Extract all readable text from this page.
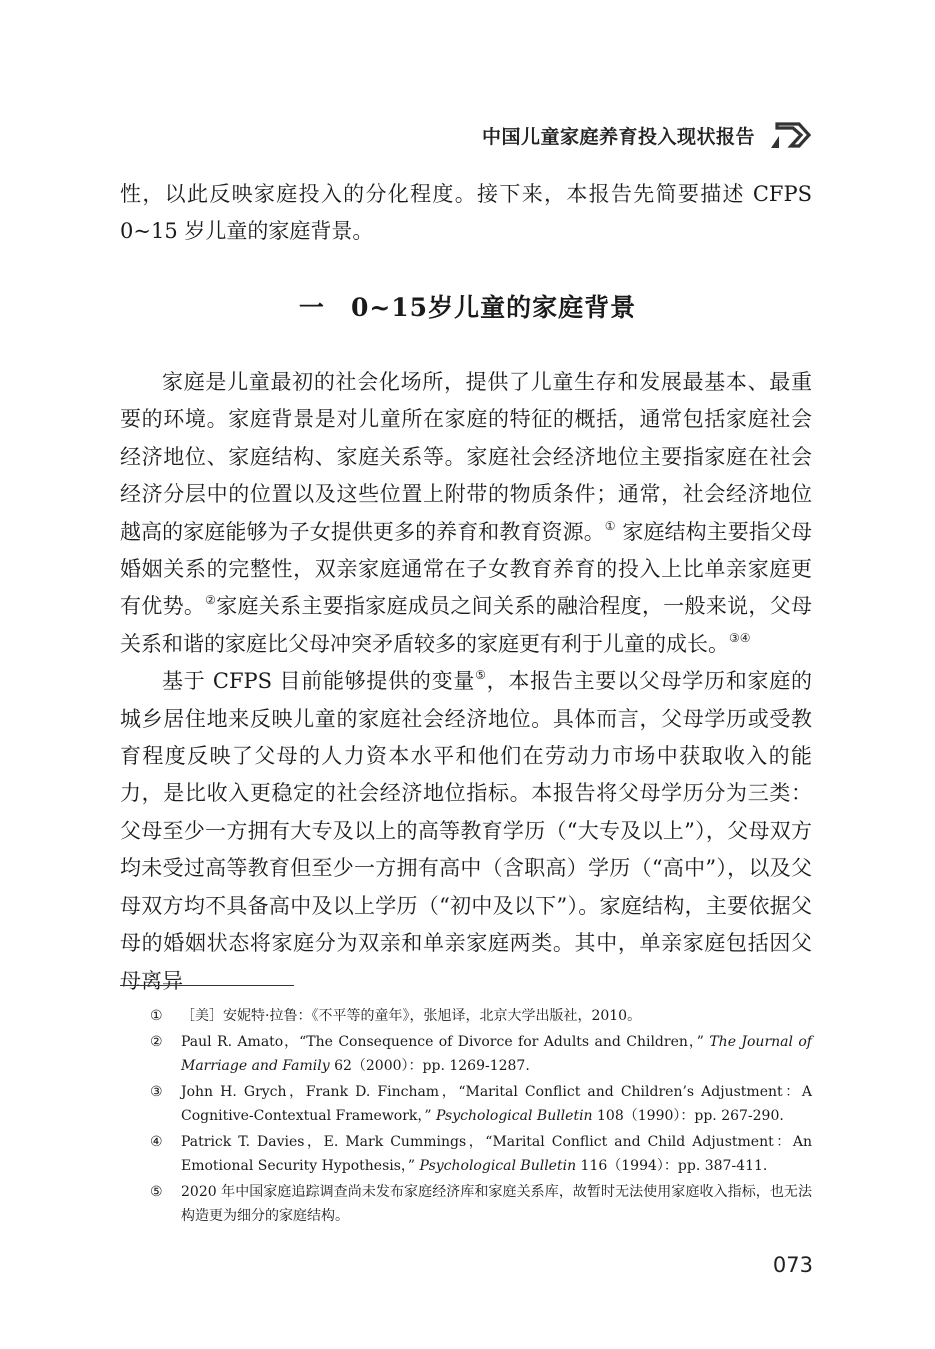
中国儿童家庭养育投入现状报告

性，以此反映家庭投入的分化程度。接下来，本报告先简要描述 CFPS 0~15 岁儿童的家庭背景。

一 0~15岁儿童的家庭背景

家庭是儿童最初的社会化场所，提供了儿童生存和发展最基本、最重要的环境。家庭背景是对儿童所在家庭的特征的概括，通常包括家庭社会经济地位、家庭结构、家庭关系等。家庭社会经济地位主要指家庭在社会经济分层中的位置以及这些位置上附带的物质条件；通常，社会经济地位越高的家庭能够为子女提供更多的养育和教育资源。① 家庭结构主要指父母婚姻关系的完整性，双亲家庭通常在子女教育养育的投入上比单亲家庭更有优势。②家庭关系主要指家庭成员之间关系的融洽程度，一般来说，父母关系和谐的家庭比父母冲突矛盾较多的家庭更有利于儿童的成长。③④

基于 CFPS 目前能够提供的变量⑤，本报告主要以父母学历和家庭的城乡居住地来反映儿童的家庭社会经济地位。具体而言，父母学历或受教育程度反映了父母的人力资本水平和他们在劳动力市场中获取收入的能力，是比收入更稳定的社会经济地位指标。本报告将父母学历分为三类：父母至少一方拥有大专及以上的高等教育学历（“大专及以上”），父母双方均未受过高等教育但至少一方拥有高中（含职高）学历（“高中”），以及父母双方均不具备高中及以上学历（“初中及以下”）。家庭结构，主要依据父母的婚姻状态将家庭分为双亲和单亲家庭两类。其中，单亲家庭包括因父母离异

①	［美］安妮特·拉鲁：《不平等的童年》，张旭译，北京大学出版社，2010。
②	Paul R. Amato，“The Consequence of Divorce for Adults and Children，” The Journal of Marriage and Family 62（2000）：pp. 1269-1287.
③	John H. Grych，Frank D. Fincham，“Marital Conflict and Children’s Adjustment：A Cognitive-Contextual Framework，” Psychological Bulletin 108（1990）：pp. 267-290.
④	Patrick T. Davies，E. Mark Cummings，“Marital Conflict and Child Adjustment：An Emotional Security Hypothesis，” Psychological Bulletin 116（1994）：pp. 387-411.
⑤	2020 年中国家庭追踪调查尚未发布家庭经济库和家庭关系库，故暂时无法使用家庭收入指标，也无法构造更为细分的家庭结构。
073
